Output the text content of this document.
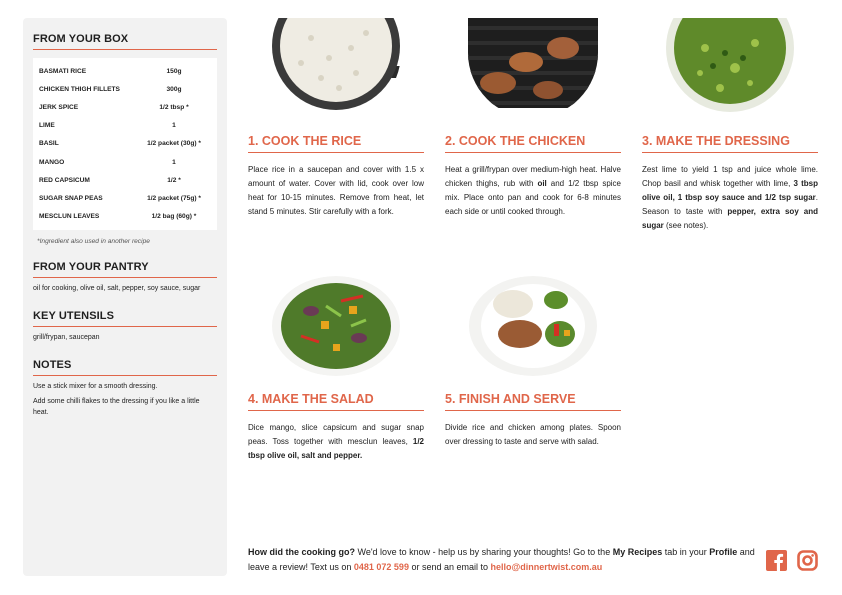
FROM YOUR BOX
BASMATI RICE	150g
CHICKEN THIGH FILLETS	300g
JERK SPICE	1/2 tbsp *
LIME	1
BASIL	1/2 packet (30g) *
MANGO	1
RED CAPSICUM	1/2 *
SUGAR SNAP PEAS	1/2 packet (75g) *
MESCLUN LEAVES	1/2 bag (60g) *
*Ingredient also used in another recipe
FROM YOUR PANTRY
oil for cooking, olive oil, salt, pepper, soy sauce, sugar
KEY UTENSILS
grill/frypan, saucepan
NOTES
Use a stick mixer for a smooth dressing.
Add some chilli flakes to the dressing if you like a little heat.
1. COOK THE RICE
Place rice in a saucepan and cover with 1.5 x amount of water. Cover with lid, cook over low heat for 10-15 minutes. Remove from heat, let stand 5 minutes. Stir carefully with a fork.
2. COOK THE CHICKEN
Heat a grill/frypan over medium-high heat. Halve chicken thighs, rub with oil and 1/2 tbsp spice mix. Place onto pan and cook for 6-8 minutes each side or until cooked through.
3. MAKE THE DRESSING
Zest lime to yield 1 tsp and juice whole lime. Chop basil and whisk together with lime, 3 tbsp olive oil, 1 tbsp soy sauce and 1/2 tsp sugar. Season to taste with pepper, extra soy and sugar (see notes).
4. MAKE THE SALAD
Dice mango, slice capsicum and sugar snap peas. Toss together with mesclun leaves, 1/2 tbsp olive oil, salt and pepper.
5. FINISH AND SERVE
Divide rice and chicken among plates. Spoon over dressing to taste and serve with salad.
How did the cooking go? We'd love to know - help us by sharing your thoughts! Go to the My Recipes tab in your Profile and leave a review! Text us on 0481 072 599 or send an email to hello@dinnertwist.com.au
